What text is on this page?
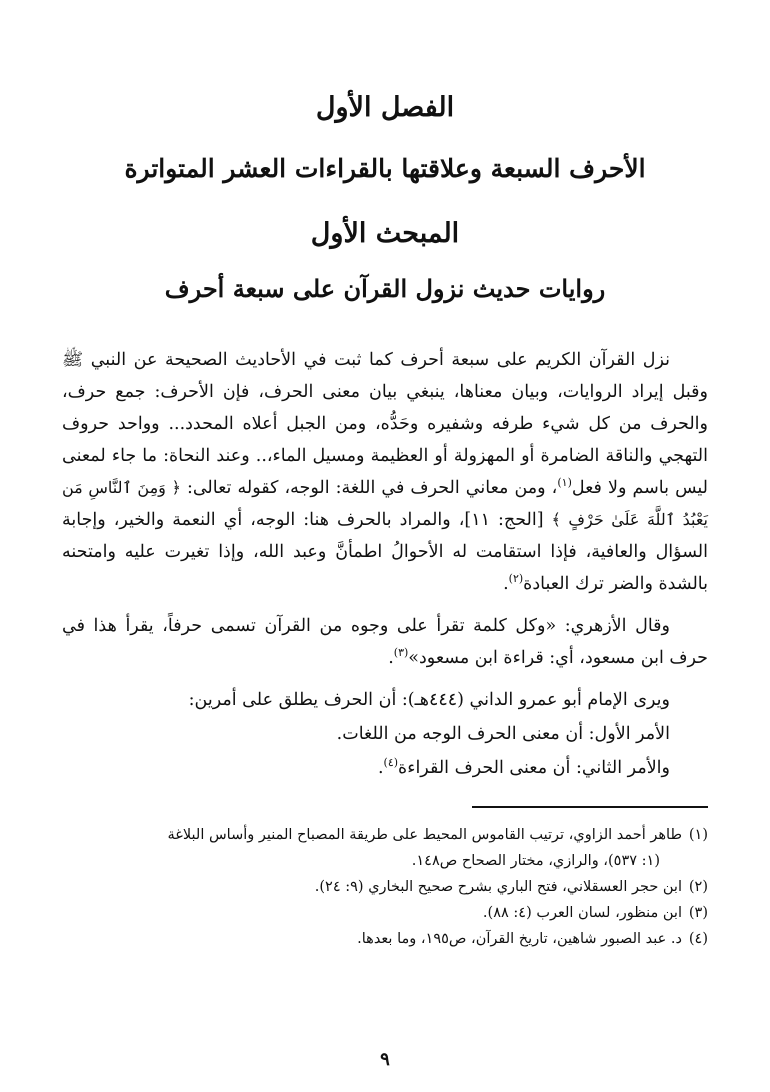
الفصل الأول
الأحرف السبعة وعلاقتها بالقراءات العشر المتواترة
المبحث الأول
روايات حديث نزول القرآن على سبعة أحرف

نزل القرآن الكريم على سبعة أحرف كما ثبت في الأحاديث الصحيحة عن النبي ﷺ وقبل إيراد الروايات، وبيان معناها، ينبغي بيان معنى الحرف، فإن الأحرف: جمع حرف، والحرف من كل شيء طرفه وشفيره وحَدُّه، ومن الجبل أعلاه المحدد... وواحد حروف التهجي والناقة الضامرة أو المهزولة أو العظيمة ومسيل الماء،.. وعند النحاة: ما جاء لمعنى ليس باسم ولا فعل$^{(١)}$، ومن معاني الحرف في اللغة: الوجه، كقوله تعالى: ﴿ وَمِنَ ٱلنَّاسِ مَن يَعْبُدُ ٱللَّهَ عَلَىٰ حَرْفٍ ﴾ [الحج: ١١]، والمراد بالحرف هنا: الوجه، أي النعمة والخير، وإجابة السؤال والعافية، فإذا استقامت له الأحوالُ اطمأنَّ وعبد الله، وإذا تغيرت عليه وامتحنه بالشدة والضر ترك العبادة$^{(٢)}$.

وقال الأزهري: «وكل كلمة تقرأ على وجوه من القرآن تسمى حرفاً، يقرأ هذا في حرف ابن مسعود، أي: قراءة ابن مسعود»$^{(٣)}$.

ويرى الإمام أبو عمرو الداني (٤٤٤هـ): أن الحرف يطلق على أمرين:

الأمر الأول: أن معنى الحرف الوجه من اللغات.

والأمر الثاني: أن معنى الحرف القراءة$^{(٤)}$.

(١)
طاهر أحمد الزاوي، ترتيب القاموس المحيط على طريقة المصباح المنير وأساس البلاغة
(١: ٥٣٧)، والرازي، مختار الصحاح ص١٤٨.
(٢)
ابن حجر العسقلاني، فتح الباري بشرح صحيح البخاري (٩: ٢٤).
(٣)
ابن منظور، لسان العرب (٤: ٨٨).
(٤)
د. عبد الصبور شاهين، تاريخ القرآن، ص١٩٥، وما بعدها.
٩
